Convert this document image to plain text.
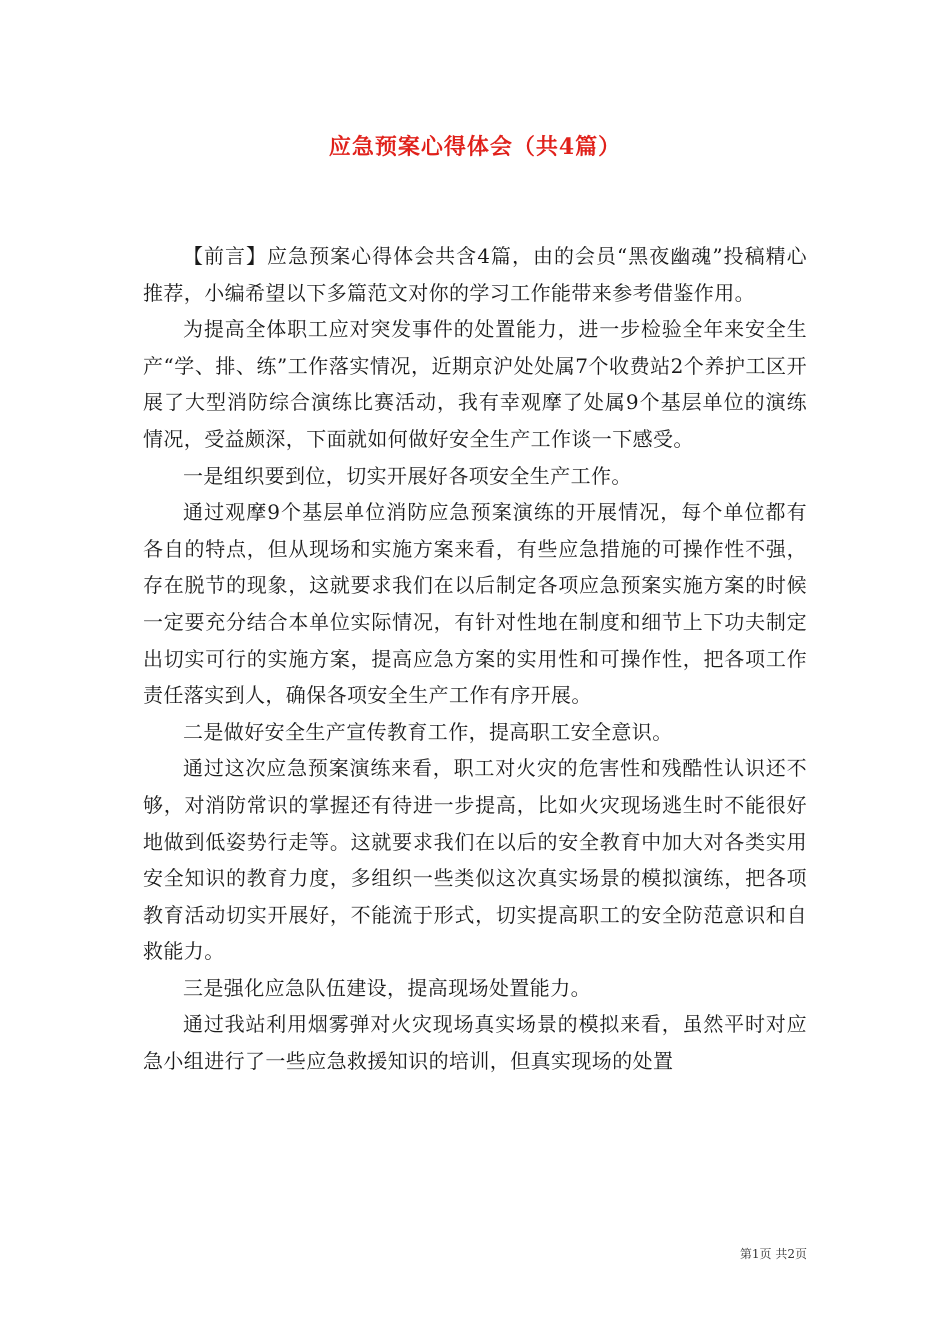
应急预案心得体会（共4篇）

【前言】应急预案心得体会共含4篇，由的会员“黑夜幽魂”投稿精心推荐，小编希望以下多篇范文对你的学习工作能带来参考借鉴作用。

为提高全体职工应对突发事件的处置能力，进一步检验全年来安全生产“学、排、练”工作落实情况，近期京沪处处属7个收费站2个养护工区开展了大型消防综合演练比赛活动，我有幸观摩了处属9个基层单位的演练情况，受益颇深，下面就如何做好安全生产工作谈一下感受。

一是组织要到位，切实开展好各项安全生产工作。

通过观摩9个基层单位消防应急预案演练的开展情况，每个单位都有各自的特点，但从现场和实施方案来看，有些应急措施的可操作性不强，存在脱节的现象，这就要求我们在以后制定各项应急预案实施方案的时候一定要充分结合本单位实际情况，有针对性地在制度和细节上下功夫制定出切实可行的实施方案，提高应急方案的实用性和可操作性，把各项工作责任落实到人，确保各项安全生产工作有序开展。

二是做好安全生产宣传教育工作，提高职工安全意识。

通过这次应急预案演练来看，职工对火灾的危害性和残酷性认识还不够，对消防常识的掌握还有待进一步提高，比如火灾现场逃生时不能很好地做到低姿势行走等。这就要求我们在以后的安全教育中加大对各类实用安全知识的教育力度，多组织一些类似这次真实场景的模拟演练，把各项教育活动切实开展好，不能流于形式，切实提高职工的安全防范意识和自救能力。

三是强化应急队伍建设，提高现场处置能力。

通过我站利用烟雾弹对火灾现场真实场景的模拟来看，虽然平时对应急小组进行了一些应急救援知识的培训，但真实现场的处置

第1页 共2页
